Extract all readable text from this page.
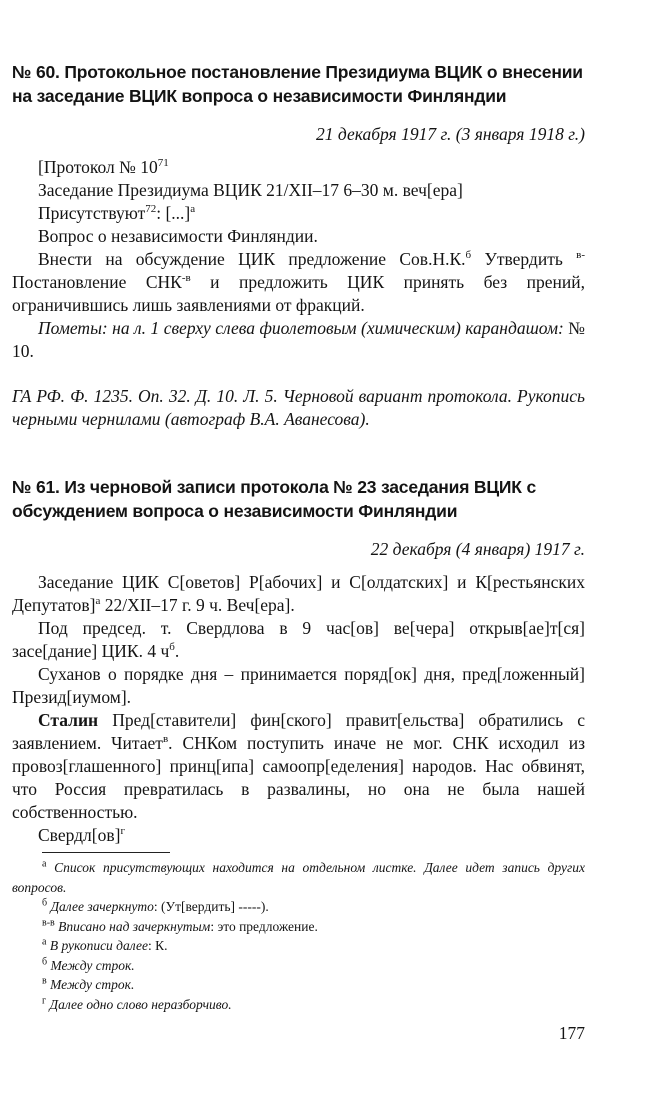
№ 60. Протокольное постановление Президиума ВЦИК о внесении на заседание ВЦИК вопроса о независимости Финляндии

21 декабря 1917 г. (3 января 1918 г.)

[Протокол № $10^{71}$

Заседание Президиума ВЦИК 21/XII–17 6–30 м. веч[ера]

Присутствуют$^{72}$: [...]$^а$

Вопрос о независимости Финляндии.

Внести на обсуждение ЦИК предложение Сов.Н.К.$^б$ Утвердить $^{в-}$Постановление $СНК^{-в}$ и предложить ЦИК принять без прений, ограничившись лишь заявлениями от фракций.

Пометы: на л. 1 сверху слева фиолетовым (химическим) карандашом: № 10.

ГА РФ. Ф. 1235. Оп. 32. Д. 10. Л. 5. Черновой вариант протокола. Рукопись черными чернилами (автограф В.А. Аванесова).

№ 61. Из черновой записи протокола № 23 заседания ВЦИК с обсуждением вопроса о независимости Финляндии

22 декабря (4 января) 1917 г.

Заседание ЦИК С[оветов] Р[абочих] и С[олдатских] и К[рестьянских Депутатов]$^а$ 22/XII–17 г. 9 ч. Веч[ера].

Под председ. т. Свердлова в 9 час[ов] ве[чера] открыв[ае]т[ся] засе[дание] ЦИК. 4 $ч^б$.

Суханов о порядке дня – принимается поряд[ок] дня, пред[ложенный] Презид[иумом].

Сталин Пред[ставители] фин[ского] правит[ельства] обратились с заявлением. Читает$^в$. СНКом поступить иначе не мог. СНК исходил из провоз[глашенного] принц[ипа] самоопр[еделения] народов. Нас обвинят, что Россия превратилась в развалины, но она не была нашей собственностью.

Свердл[ов]$^г$

$^а$ Список присутствующих находится на отдельном листке. Далее идет запись других вопросов.

$^б$ Далее зачеркнуто: (Ут[вердить] -----).

$^{в-в}$ Вписано над зачеркнутым: это предложение.

$^а$ В рукописи далее: К.

$^б$ Между строк.

$^в$ Между строк.

$^г$ Далее одно слово неразборчиво.

177
